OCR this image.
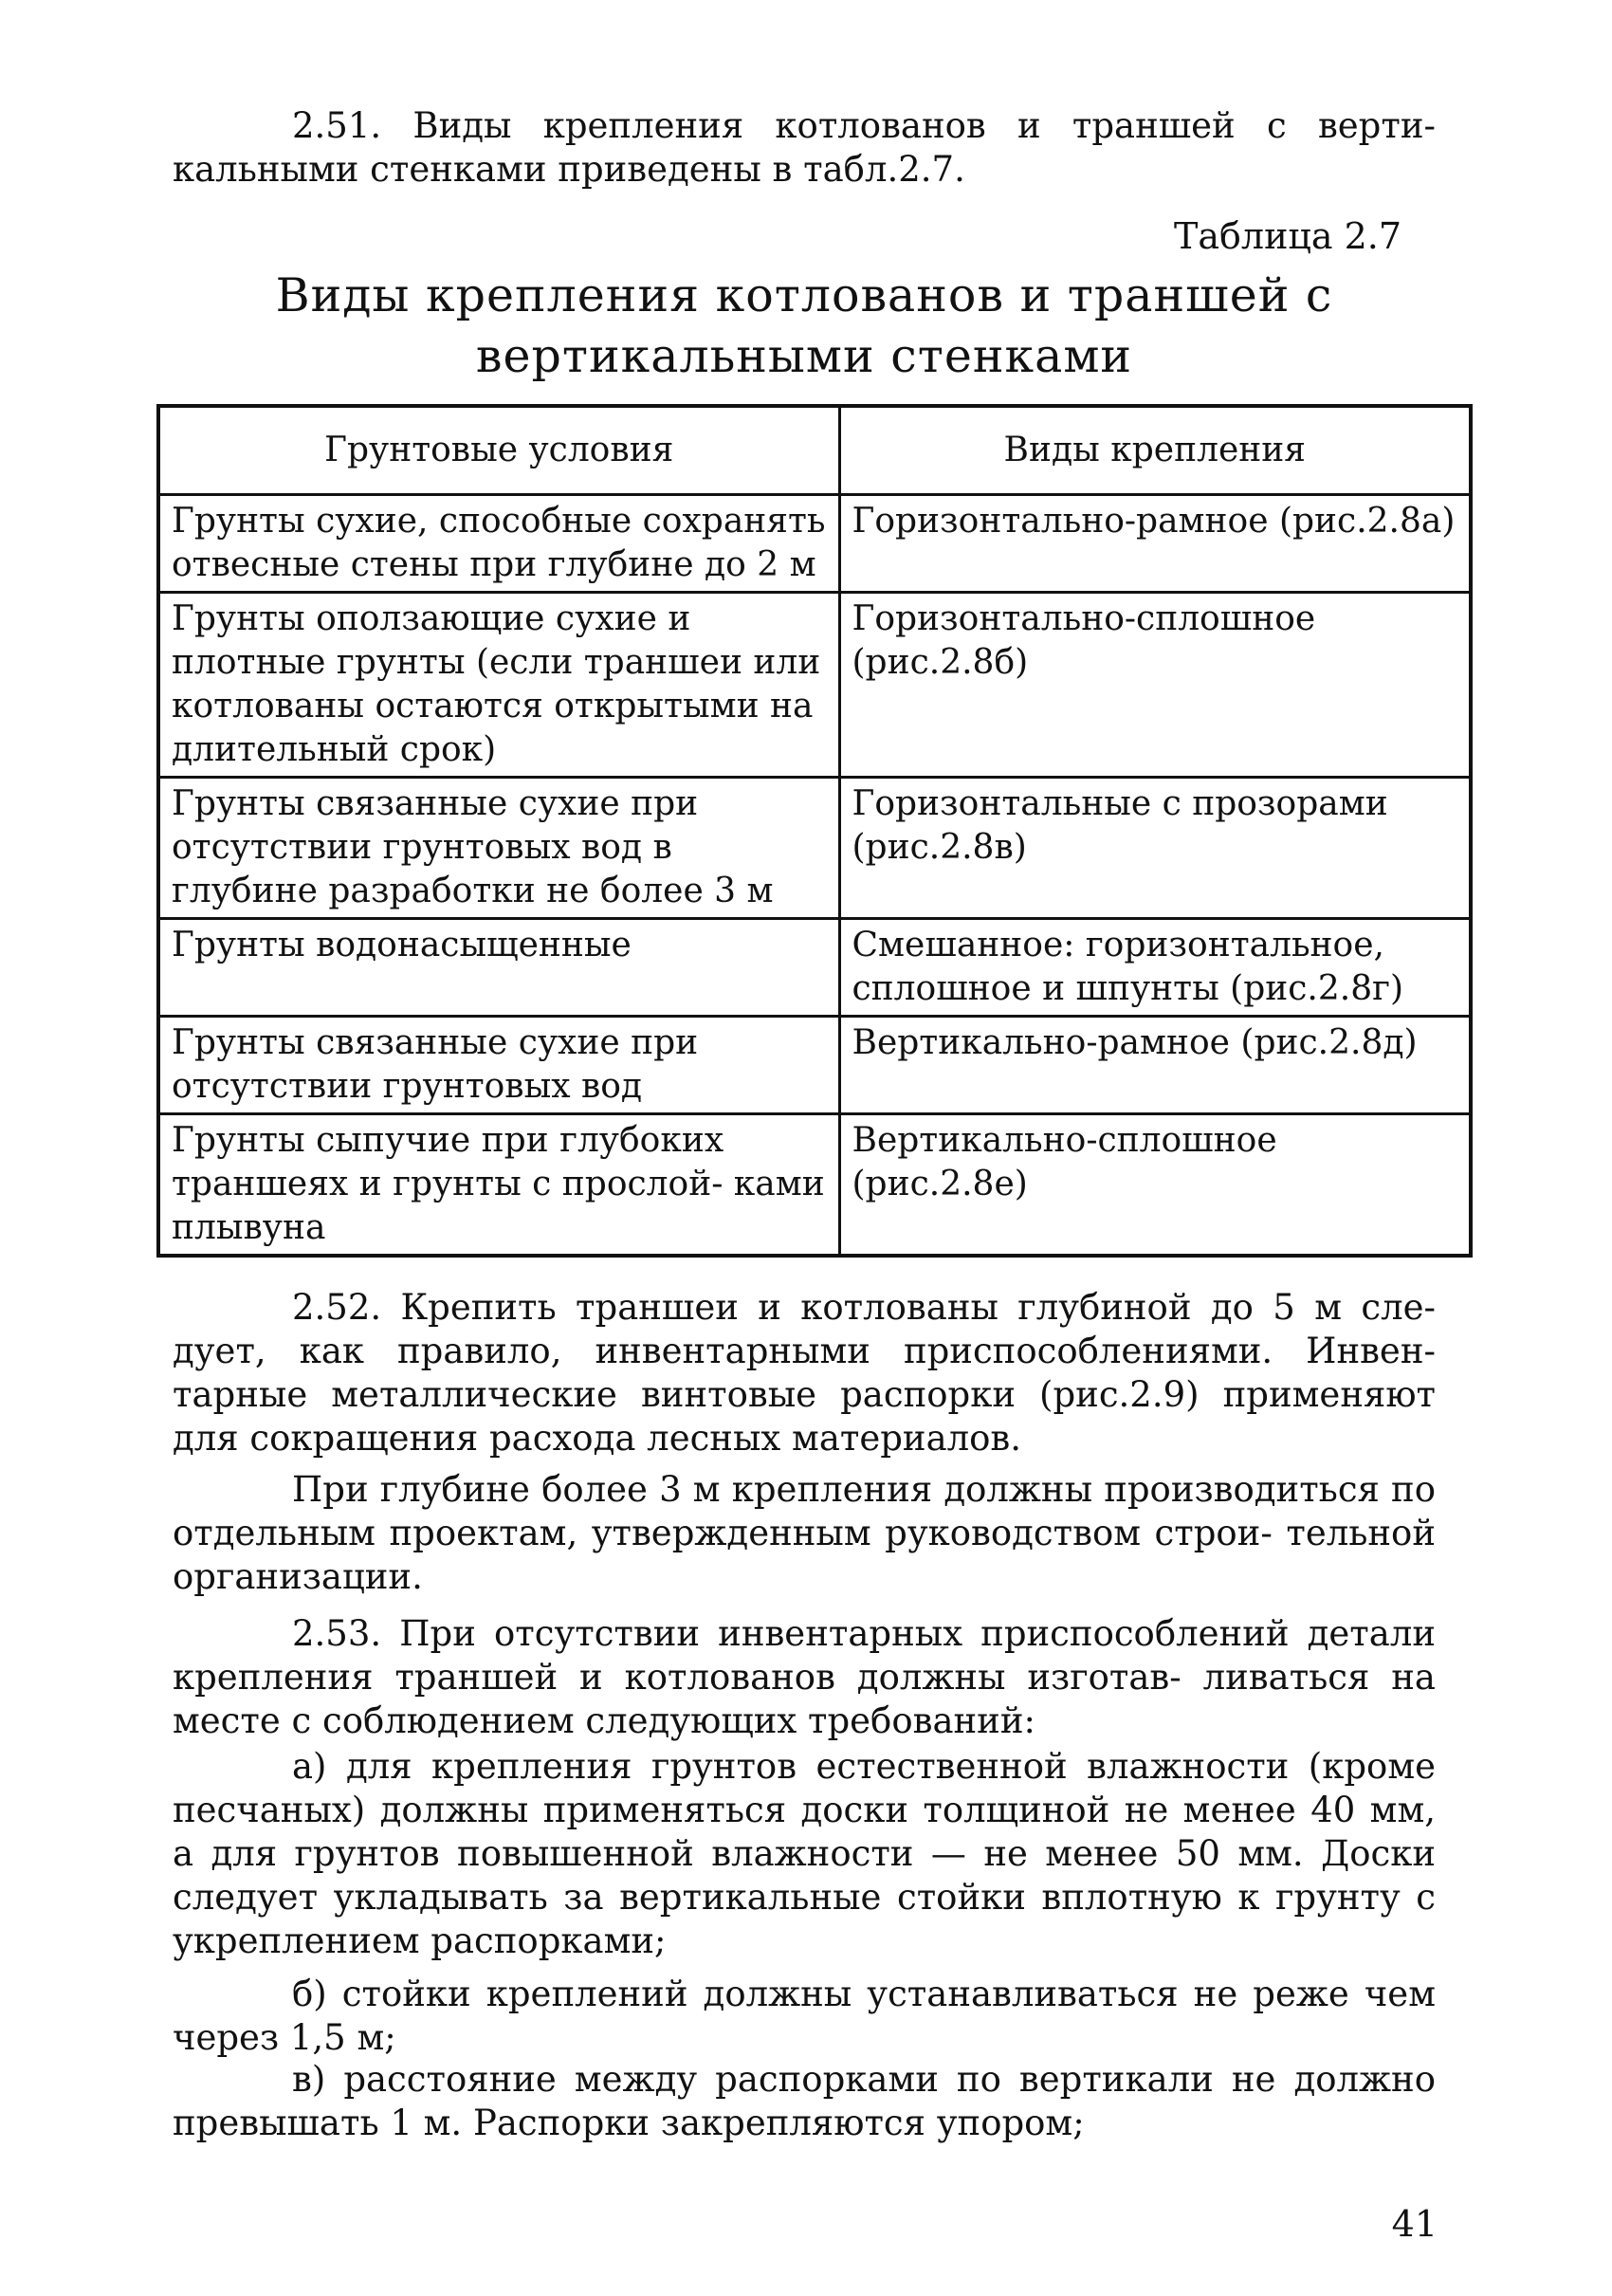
2.51. Виды крепления котлованов и траншей с верти- кальными стенками приведены в табл.2.7.
Таблица 2.7
Виды крепления котлованов и траншей с вертикальными стенками
Грунтовые условия	Виды крепления
Грунты сухие, способные сохранять отвесные стены при глубине до 2 м	Горизонтально-рамное (рис.2.8а)
Грунты оползающие сухие и плотные грунты (если траншеи или котлованы остаются открытыми на длительный срок)	Горизонтально-сплошное (рис.2.8б)
Грунты связанные сухие при отсутствии грунтовых вод в глубине разработки не более 3 м	Горизонтальные с прозорами (рис.2.8в)
Грунты водонасыщенные	Смешанное: горизонтальное, сплошное и шпунты (рис.2.8г)
Грунты связанные сухие при отсутствии грунтовых вод	Вертикально-рамное (рис.2.8д)
Грунты сыпучие при глубоких траншеях и грунты с прослой- ками плывуна	Вертикально-сплошное (рис.2.8е)
2.52. Крепить траншеи и котлованы глубиной до 5 м сле- дует, как правило, инвентарными приспособлениями. Инвен- тарные металлические винтовые распорки (рис.2.9) применяют для сокращения расхода лесных материалов.
При глубине более 3 м крепления должны производиться по отдельным проектам, утвержденным руководством строи- тельной организации.
2.53. При отсутствии инвентарных приспособлений детали крепления траншей и котлованов должны изготав- ливаться на месте с соблюдением следующих требований:
а) для крепления грунтов естественной влажности (кроме песчаных) должны применяться доски толщиной не менее 40 мм, а для грунтов повышенной влажности — не менее 50 мм. Доски следует укладывать за вертикальные стойки вплотную к грунту с укреплением распорками;
б) стойки креплений должны устанавливаться не реже чем через 1,5 м;
в) расстояние между распорками по вертикали не должно превышать 1 м. Распорки закрепляются упором;
41
